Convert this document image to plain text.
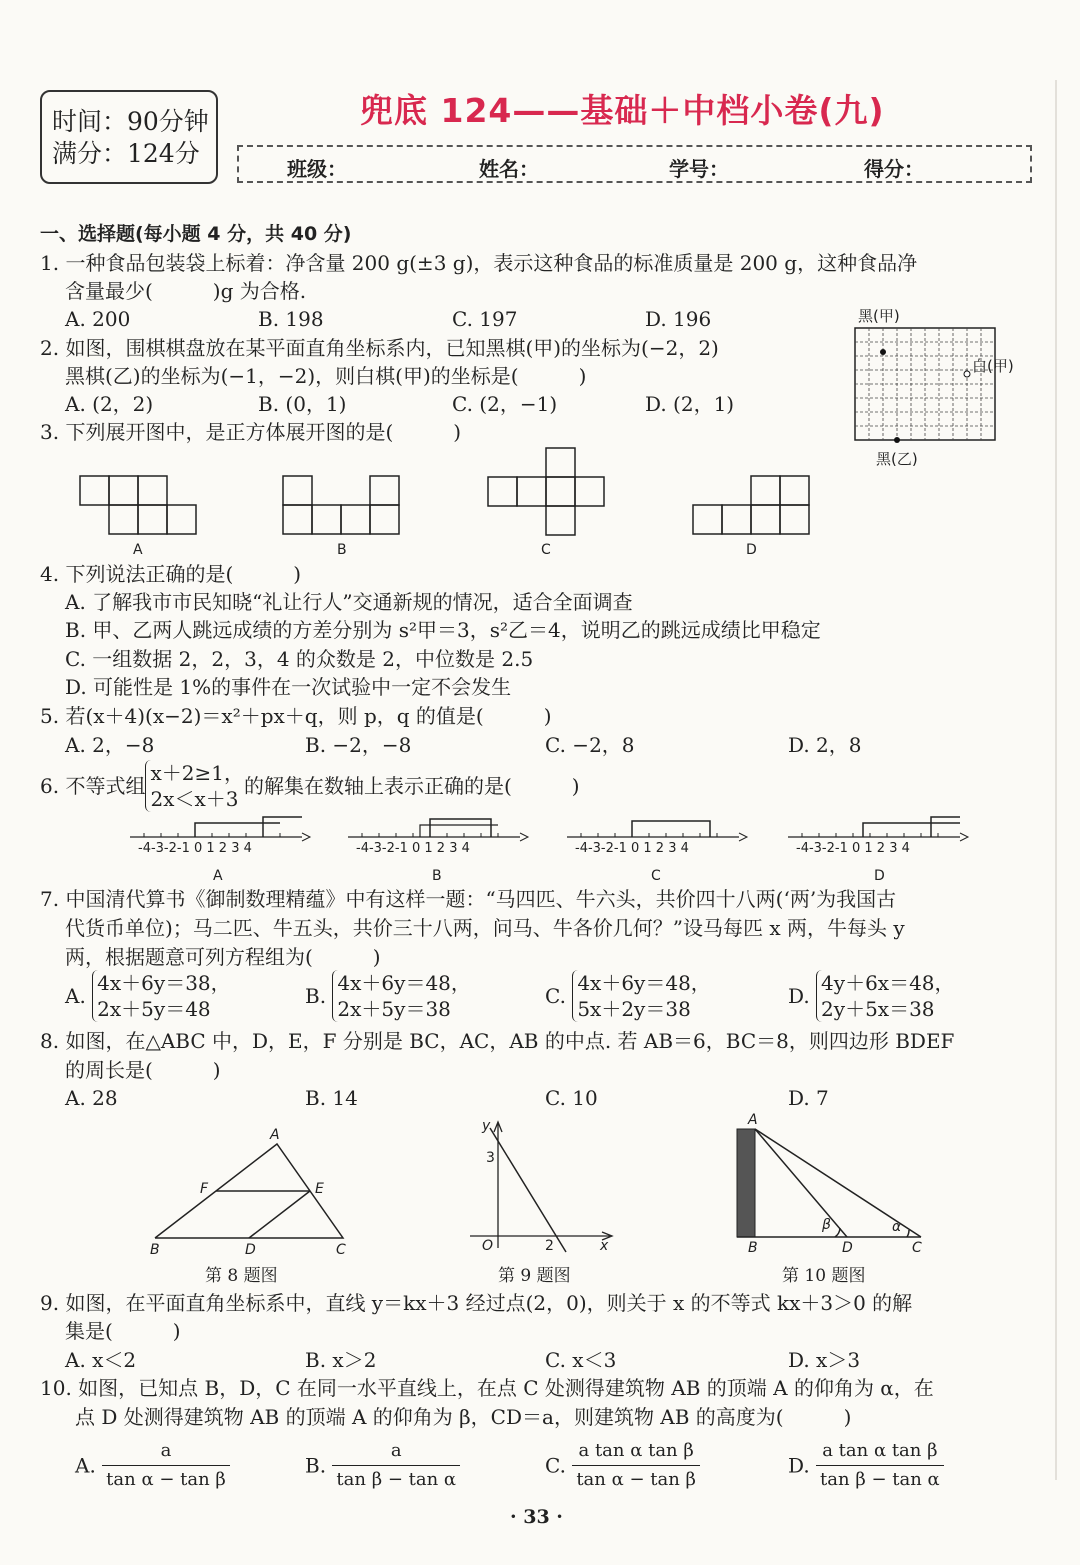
时间：90分钟
满分：124分
兜底 124——基础＋中档小卷(九)
班级：	姓名：	学号：	得分：
一、选择题(每小题 4 分，共 40 分)
1. 一种食品包装袋上标着：净含量 200 g(±3 g)，表示这种食品的标准质量是 200 g，这种食品净
含量最少(　　　)g 为合格.
A. 200	B. 198	C. 197	D. 196
2. 如图，围棋棋盘放在某平面直角坐标系内，已知黑棋(甲)的坐标为(−2，2)
黑棋(乙)的坐标为(−1，−2)，则白棋(甲)的坐标是(　　　)
A. (2，2)	B. (0，1)	C. (2，−1)	D. (2，1)
黑(甲)
白(甲)
黑(乙)
3. 下列展开图中，是正方体展开图的是(　　　)
A	B	C	D
4. 下列说法正确的是(　　　)
A. 了解我市市民知晓“礼让行人”交通新规的情况，适合全面调查
B. 甲、乙两人跳远成绩的方差分别为 s²甲＝3，s²乙＝4，说明乙的跳远成绩比甲稳定
C. 一组数据 2，2，3，4 的众数是 2，中位数是 2.5
D. 可能性是 1%的事件在一次试验中一定不会发生
5. 若(x＋4)(x−2)＝x²＋px＋q，则 p，q 的值是(　　　)
A. 2，−8	B. −2，−8	C. −2，8	D. 2，8
6. 不等式组x＋2≥1，
2x＜x＋3的解集在数轴上表示正确的是(　　　)
-4-3-2-1 0 1 2 3 4
A
-4-3-2-1 0 1 2 3 4
B
-4-3-2-1 0 1 2 3 4
C
-4-3-2-1 0 1 2 3 4
D
7. 中国清代算书《御制数理精蕴》中有这样一题：“马四匹、牛六头，共价四十八两(‘两’为我国古
代货币单位)；马二匹、牛五头，共价三十八两，问马、牛各价几何？”设马每匹 x 两，牛每头 y
两，根据题意可列方程组为(　　　)
A. 4x＋6y＝38，
2x＋5y＝48
B. 4x＋6y＝48，
2x＋5y＝38
C. 4x＋6y＝48，
5x＋2y＝38
D. 4y＋6x＝48，
2y＋5x＝38
8. 如图，在△ABC 中，D，E，F 分别是 BC，AC，AB 的中点. 若 AB＝6，BC＝8，则四边形 BDEF
的周长是(　　　)
A. 28	B. 14	C. 10	D. 7
A
B	D	C
E
F
第 8 题图
y
x
O
3
2
第 9 题图
A
B	D	C
β	α
第 10 题图
9. 如图，在平面直角坐标系中，直线 y＝kx＋3 经过点(2，0)，则关于 x 的不等式 kx＋3＞0 的解
集是(　　　)
A. x＜2	B. x＞2	C. x＜3	D. x＞3
10. 如图，已知点 B，D，C 在同一水平直线上，在点 C 处测得建筑物 AB 的顶端 A 的仰角为 α，在
点 D 处测得建筑物 AB 的顶端 A 的仰角为 β，CD＝a，则建筑物 AB 的高度为(　　　)
A. $\frac{a}{\text{tan α − tan β}}$	B. $\frac{a}{\text{tan β − tan α}}$	C. $\frac{\text{a tan α tan β}}{\text{tan α − tan β}}$	D. $\frac{\text{a tan α tan β}}{\text{tan β − tan α}}$
· 33 ·
